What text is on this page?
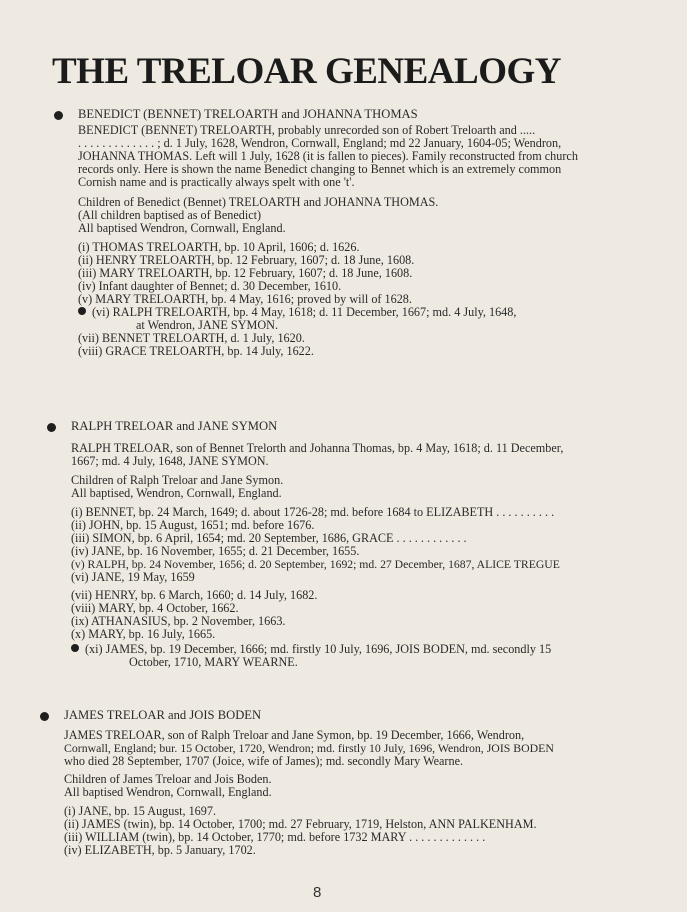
THE TRELOAR GENEALOGY
BENEDICT (BENNET) TRELOARTH and JOHANNA THOMAS
BENEDICT (BENNET) TRELOARTH, probably unrecorded son of Robert Treloarth and .....
. . . . . . . . . . . . . ; d. 1 July, 1628, Wendron, Cornwall, England; md 22 January, 1604-05; Wendron,
JOHANNA THOMAS. Left will 1 July, 1628 (it is fallen to pieces). Family reconstructed from church
records only. Here is shown the name Benedict changing to Bennet which is an extremely common
Cornish name and is practically always spelt with one 't'.
Children of Benedict (Bennet) TRELOARTH and JOHANNA THOMAS.
(All children baptised as of Benedict)
All baptised Wendron, Cornwall, England.
(i) THOMAS TRELOARTH, bp. 10 April, 1606; d. 1626.
(ii) HENRY TRELOARTH, bp. 12 February, 1607; d. 18 June, 1608.
(iii) MARY TRELOARTH, bp. 12 February, 1607; d. 18 June, 1608.
(iv) Infant daughter of Bennet; d. 30 December, 1610.
(v) MARY TRELOARTH, bp. 4 May, 1616; proved by will of 1628.
(vi) RALPH TRELOARTH, bp. 4 May, 1618; d. 11 December, 1667; md. 4 July, 1648,
at Wendron, JANE SYMON.
(vii) BENNET TRELOARTH, d. 1 July, 1620.
(viii) GRACE TRELOARTH, bp. 14 July, 1622.
RALPH TRELOAR and JANE SYMON
RALPH TRELOAR, son of Bennet Trelorth and Johanna Thomas, bp. 4 May, 1618; d. 11 December,
1667; md. 4 July, 1648, JANE SYMON.
Children of Ralph Treloar and Jane Symon.
All baptised, Wendron, Cornwall, England.
(i) BENNET, bp. 24 March, 1649; d. about 1726-28; md. before 1684 to ELIZABETH . . . . . . . . . .
(ii) JOHN, bp. 15 August, 1651; md. before 1676.
(iii) SIMON, bp. 6 April, 1654; md. 20 September, 1686, GRACE . . . . . . . . . . . .
(iv) JANE, bp. 16 November, 1655; d. 21 December, 1655.
(v) RALPH, bp. 24 November, 1656; d. 20 September, 1692; md. 27 December, 1687, ALICE TREGUE
(vi) JANE, 19 May, 1659
(vii) HENRY, bp. 6 March, 1660; d. 14 July, 1682.
(viii) MARY, bp. 4 October, 1662.
(ix) ATHANASIUS, bp. 2 November, 1663.
(x) MARY, bp. 16 July, 1665.
(xi) JAMES, bp. 19 December, 1666; md. firstly 10 July, 1696, JOIS BODEN, md. secondly 15
October, 1710, MARY WEARNE.
JAMES TRELOAR and JOIS BODEN
JAMES TRELOAR, son of Ralph Treloar and Jane Symon, bp. 19 December, 1666, Wendron,
Cornwall, England; bur. 15 October, 1720, Wendron; md. firstly 10 July, 1696, Wendron, JOIS BODEN
who died 28 September, 1707 (Joice, wife of James); md. secondly Mary Wearne.
Children of James Treloar and Jois Boden.
All baptised Wendron, Cornwall, England.
(i) JANE, bp. 15 August, 1697.
(ii) JAMES (twin), bp. 14 October, 1700; md. 27 February, 1719, Helston, ANN PALKENHAM.
(iii) WILLIAM (twin), bp. 14 October, 1770; md. before 1732 MARY . . . . . . . . . . . . .
(iv) ELIZABETH, bp. 5 January, 1702.
8
